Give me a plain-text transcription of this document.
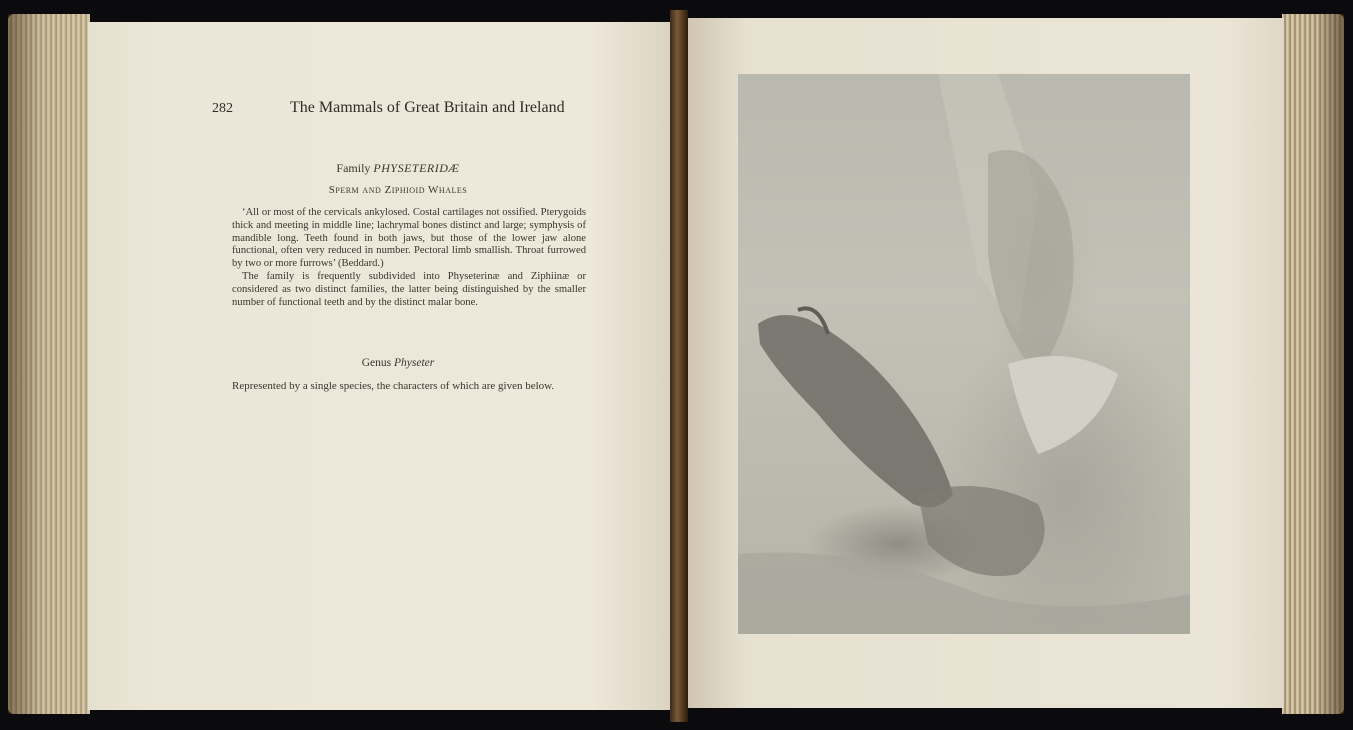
282	The Mammals of Great Britain and Ireland
Family PHYSETERIDÆ
Sperm and Ziphioid Whales
‘All or most of the cervicals ankylosed. Costal cartilages not ossified. Pterygoids thick and meeting in middle line; lachrymal bones distinct and large; symphysis of mandible long. Teeth found in both jaws, but those of the lower jaw alone functional, often very reduced in number. Pectoral limb smallish. Throat furrowed by two or more furrows’ (Beddard.)
The family is frequently subdivided into Physeterinæ and Ziphiinæ or considered as two distinct families, the latter being distinguished by the smaller number of functional teeth and by the distinct malar bone.
Genus Physeter
Represented by a single species, the characters of which are given below.
